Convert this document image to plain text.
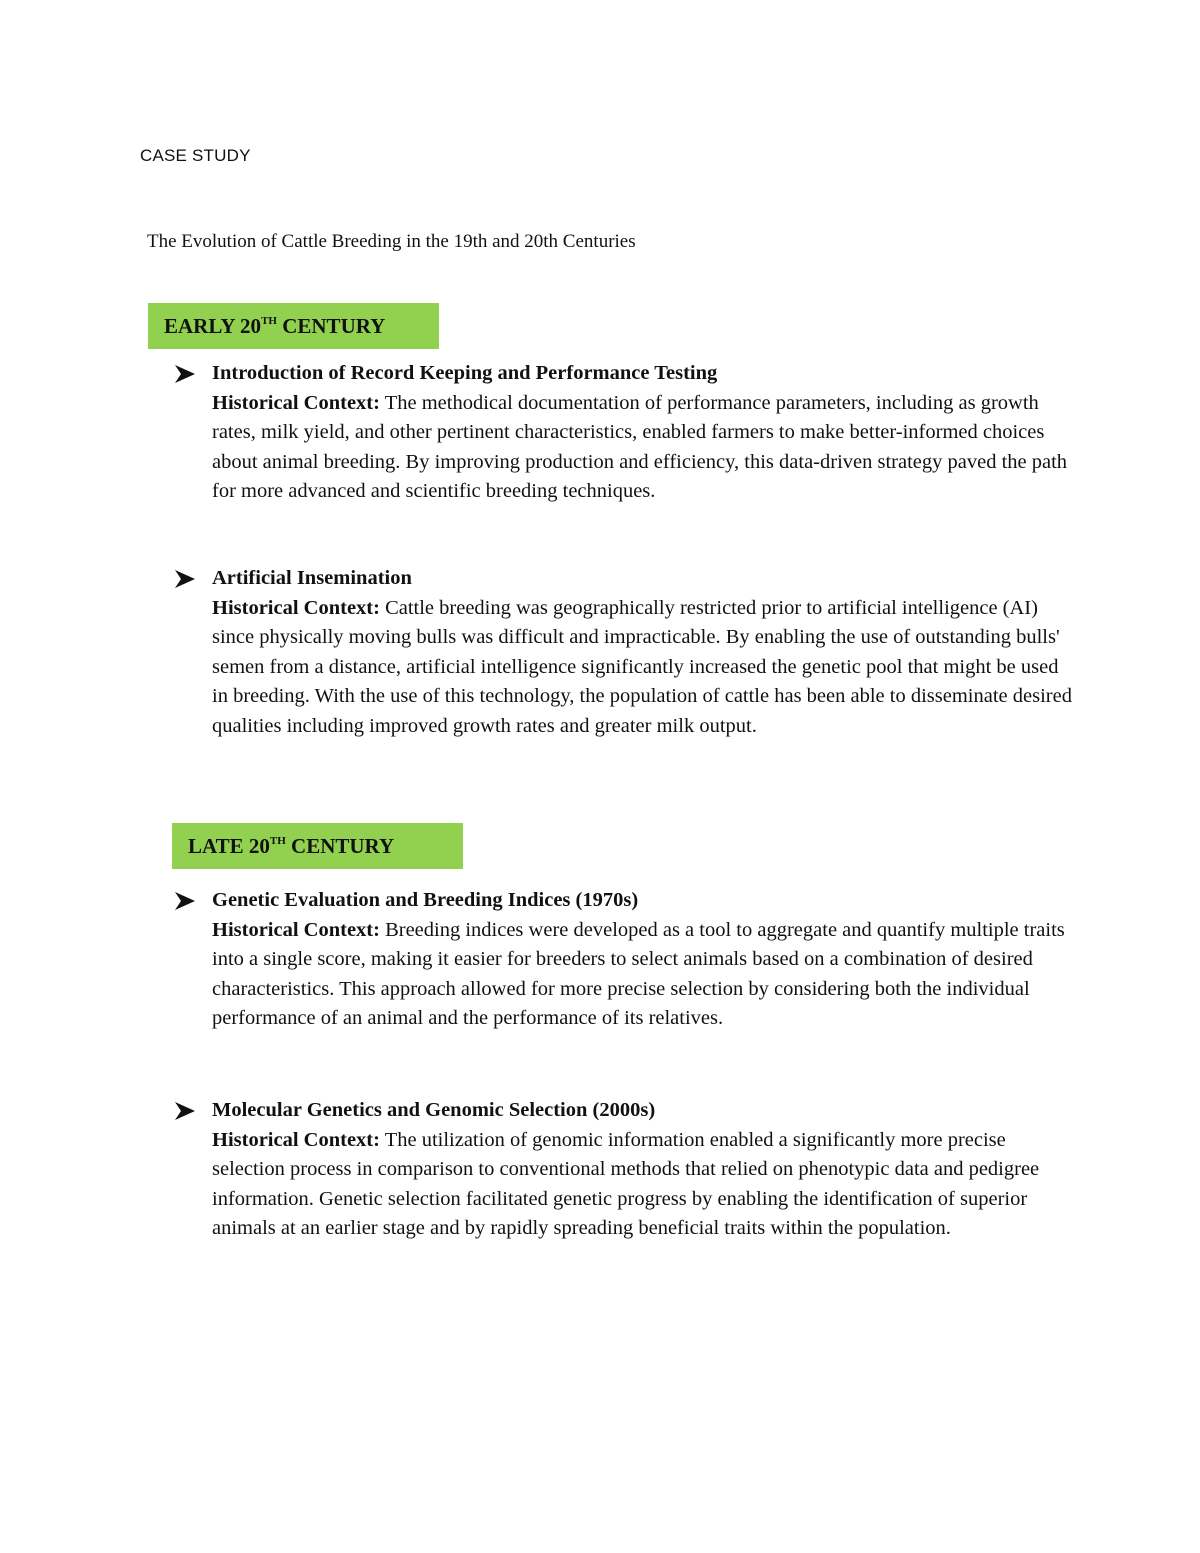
CASE STUDY
The Evolution of Cattle Breeding in the 19th and 20th Centuries
EARLY 20TH CENTURY
Introduction of Record Keeping and Performance Testing
Historical Context: The methodical documentation of performance parameters, including as growth rates, milk yield, and other pertinent characteristics, enabled farmers to make better-informed choices about animal breeding. By improving production and efficiency, this data-driven strategy paved the path for more advanced and scientific breeding techniques.
Artificial Insemination
Historical Context: Cattle breeding was geographically restricted prior to artificial intelligence (AI) since physically moving bulls was difficult and impracticable. By enabling the use of outstanding bulls' semen from a distance, artificial intelligence significantly increased the genetic pool that might be used in breeding. With the use of this technology, the population of cattle has been able to disseminate desired qualities including improved growth rates and greater milk output.
LATE 20TH CENTURY
Genetic Evaluation and Breeding Indices (1970s)
Historical Context: Breeding indices were developed as a tool to aggregate and quantify multiple traits into a single score, making it easier for breeders to select animals based on a combination of desired characteristics. This approach allowed for more precise selection by considering both the individual performance of an animal and the performance of its relatives.
Molecular Genetics and Genomic Selection (2000s)
Historical Context: The utilization of genomic information enabled a significantly more precise selection process in comparison to conventional methods that relied on phenotypic data and pedigree information. Genetic selection facilitated genetic progress by enabling the identification of superior animals at an earlier stage and by rapidly spreading beneficial traits within the population.
